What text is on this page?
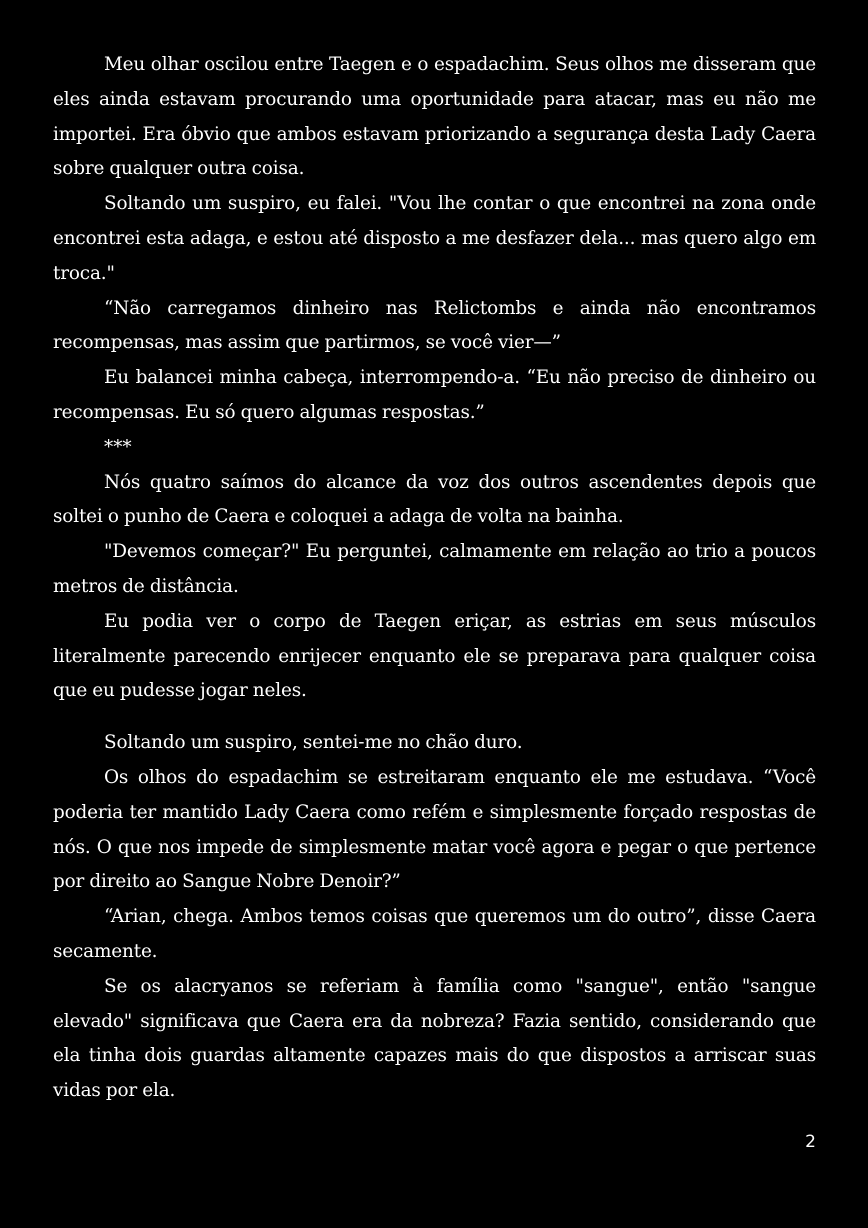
Meu olhar oscilou entre Taegen e o espadachim. Seus olhos me disseram que eles ainda estavam procurando uma oportunidade para atacar, mas eu não me importei. Era óbvio que ambos estavam priorizando a segurança desta Lady Caera sobre qualquer outra coisa.

Soltando um suspiro, eu falei. "Vou lhe contar o que encontrei na zona onde encontrei esta adaga, e estou até disposto a me desfazer dela... mas quero algo em troca."

“Não carregamos dinheiro nas Relictombs e ainda não encontramos recompensas, mas assim que partirmos, se você vier—”

Eu balancei minha cabeça, interrompendo-a. “Eu não preciso de dinheiro ou recompensas. Eu só quero algumas respostas.”

***

Nós quatro saímos do alcance da voz dos outros ascendentes depois que soltei o punho de Caera e coloquei a adaga de volta na bainha.

"Devemos começar?" Eu perguntei, calmamente em relação ao trio a poucos metros de distância.

Eu podia ver o corpo de Taegen eriçar, as estrias em seus músculos literalmente parecendo enrijecer enquanto ele se preparava para qualquer coisa que eu pudesse jogar neles.

Soltando um suspiro, sentei-me no chão duro.

Os olhos do espadachim se estreitaram enquanto ele me estudava. “Você poderia ter mantido Lady Caera como refém e simplesmente forçado respostas de nós. O que nos impede de simplesmente matar você agora e pegar o que pertence por direito ao Sangue Nobre Denoir?”

“Arian, chega. Ambos temos coisas que queremos um do outro”, disse Caera secamente.

Se os alacryanos se referiam à família como "sangue", então "sangue elevado" significava que Caera era da nobreza? Fazia sentido, considerando que ela tinha dois guardas altamente capazes mais do que dispostos a arriscar suas vidas por ela.

2
